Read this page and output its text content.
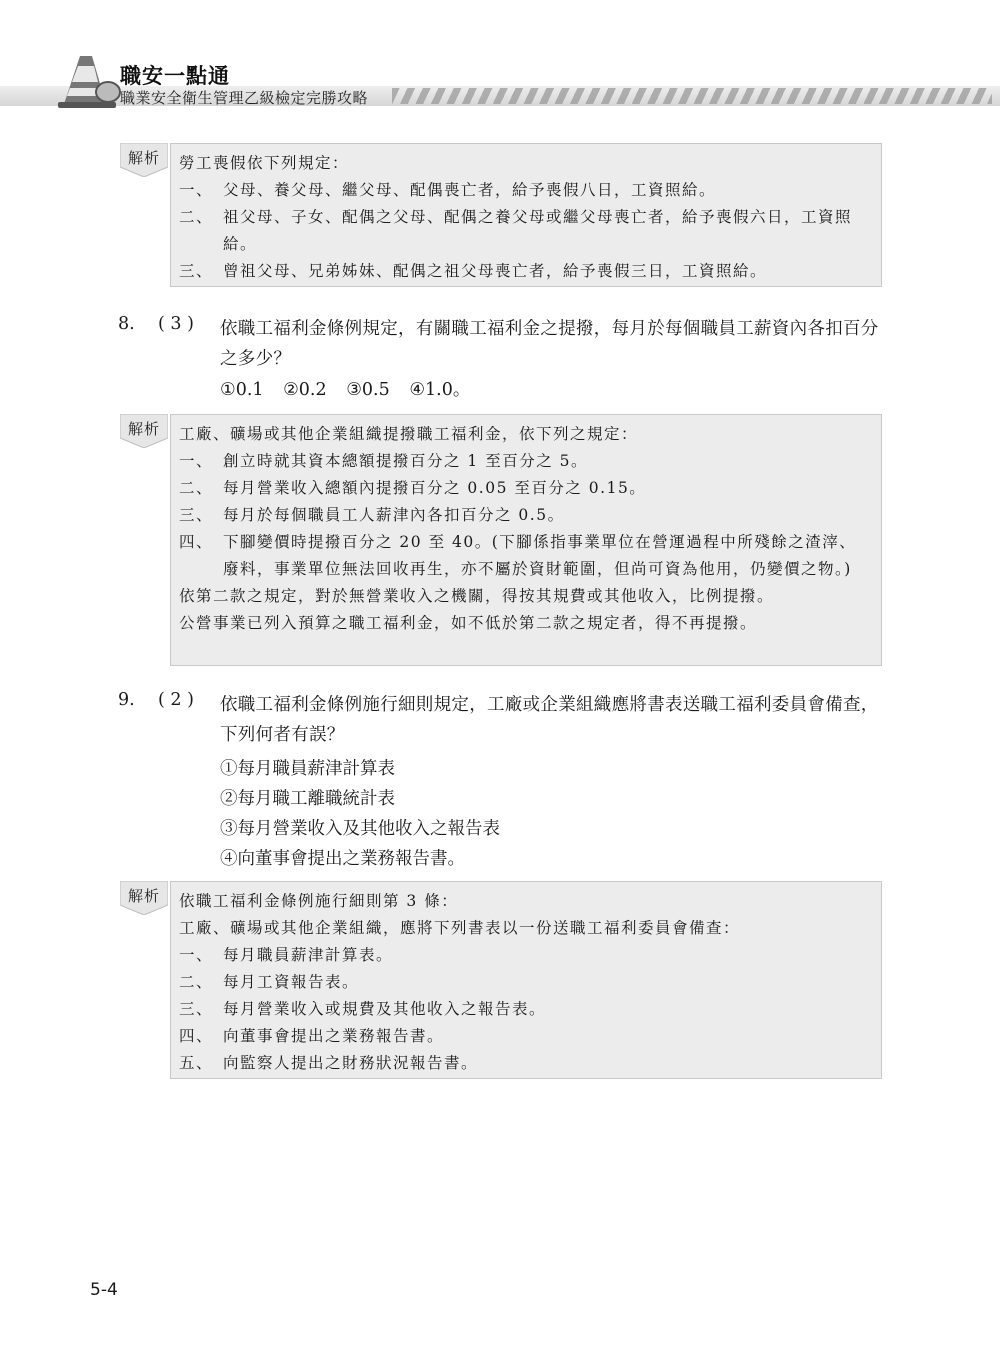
職安一點通
職業安全衛生管理乙級檢定完勝攻略
解析	勞工喪假依下列規定：
一、 父母、養父母、繼父母、配偶喪亡者，給予喪假八日，工資照給。
二、 祖父母、子女、配偶之父母、配偶之養父母或繼父母喪亡者，給予喪假六日，工資照給。
三、 曾祖父母、兄弟姊妹、配偶之祖父母喪亡者，給予喪假三日，工資照給。
8.	( 3 )	依職工福利金條例規定，有關職工福利金之提撥，每月於每個職員工薪資內各扣百分之多少？
①0.1 ②0.2 ③0.5 ④1.0。
解析	工廠、礦場或其他企業組織提撥職工福利金，依下列之規定：
一、 創立時就其資本總額提撥百分之 1 至百分之 5。
二、 每月營業收入總額內提撥百分之 0.05 至百分之 0.15。
三、 每月於每個職員工人薪津內各扣百分之 0.5。
四、 下腳變價時提撥百分之 20 至 40。(下腳係指事業單位在營運過程中所殘餘之渣滓、廢料，事業單位無法回收再生，亦不屬於資財範圍，但尚可資為他用，仍變價之物。)
依第二款之規定，對於無營業收入之機關，得按其規費或其他收入，比例提撥。
公營事業已列入預算之職工福利金，如不低於第二款之規定者，得不再提撥。
9.	( 2 )	依職工福利金條例施行細則規定，工廠或企業組織應將書表送職工福利委員會備查，下列何者有誤？
①每月職員薪津計算表
②每月職工離職統計表
③每月營業收入及其他收入之報告表
④向董事會提出之業務報告書。
解析	依職工福利金條例施行細則第 3 條：
工廠、礦場或其他企業組織，應將下列書表以一份送職工福利委員會備查：
一、 每月職員薪津計算表。
二、 每月工資報告表。
三、 每月營業收入或規費及其他收入之報告表。
四、 向董事會提出之業務報告書。
五、 向監察人提出之財務狀況報告書。
5-4
